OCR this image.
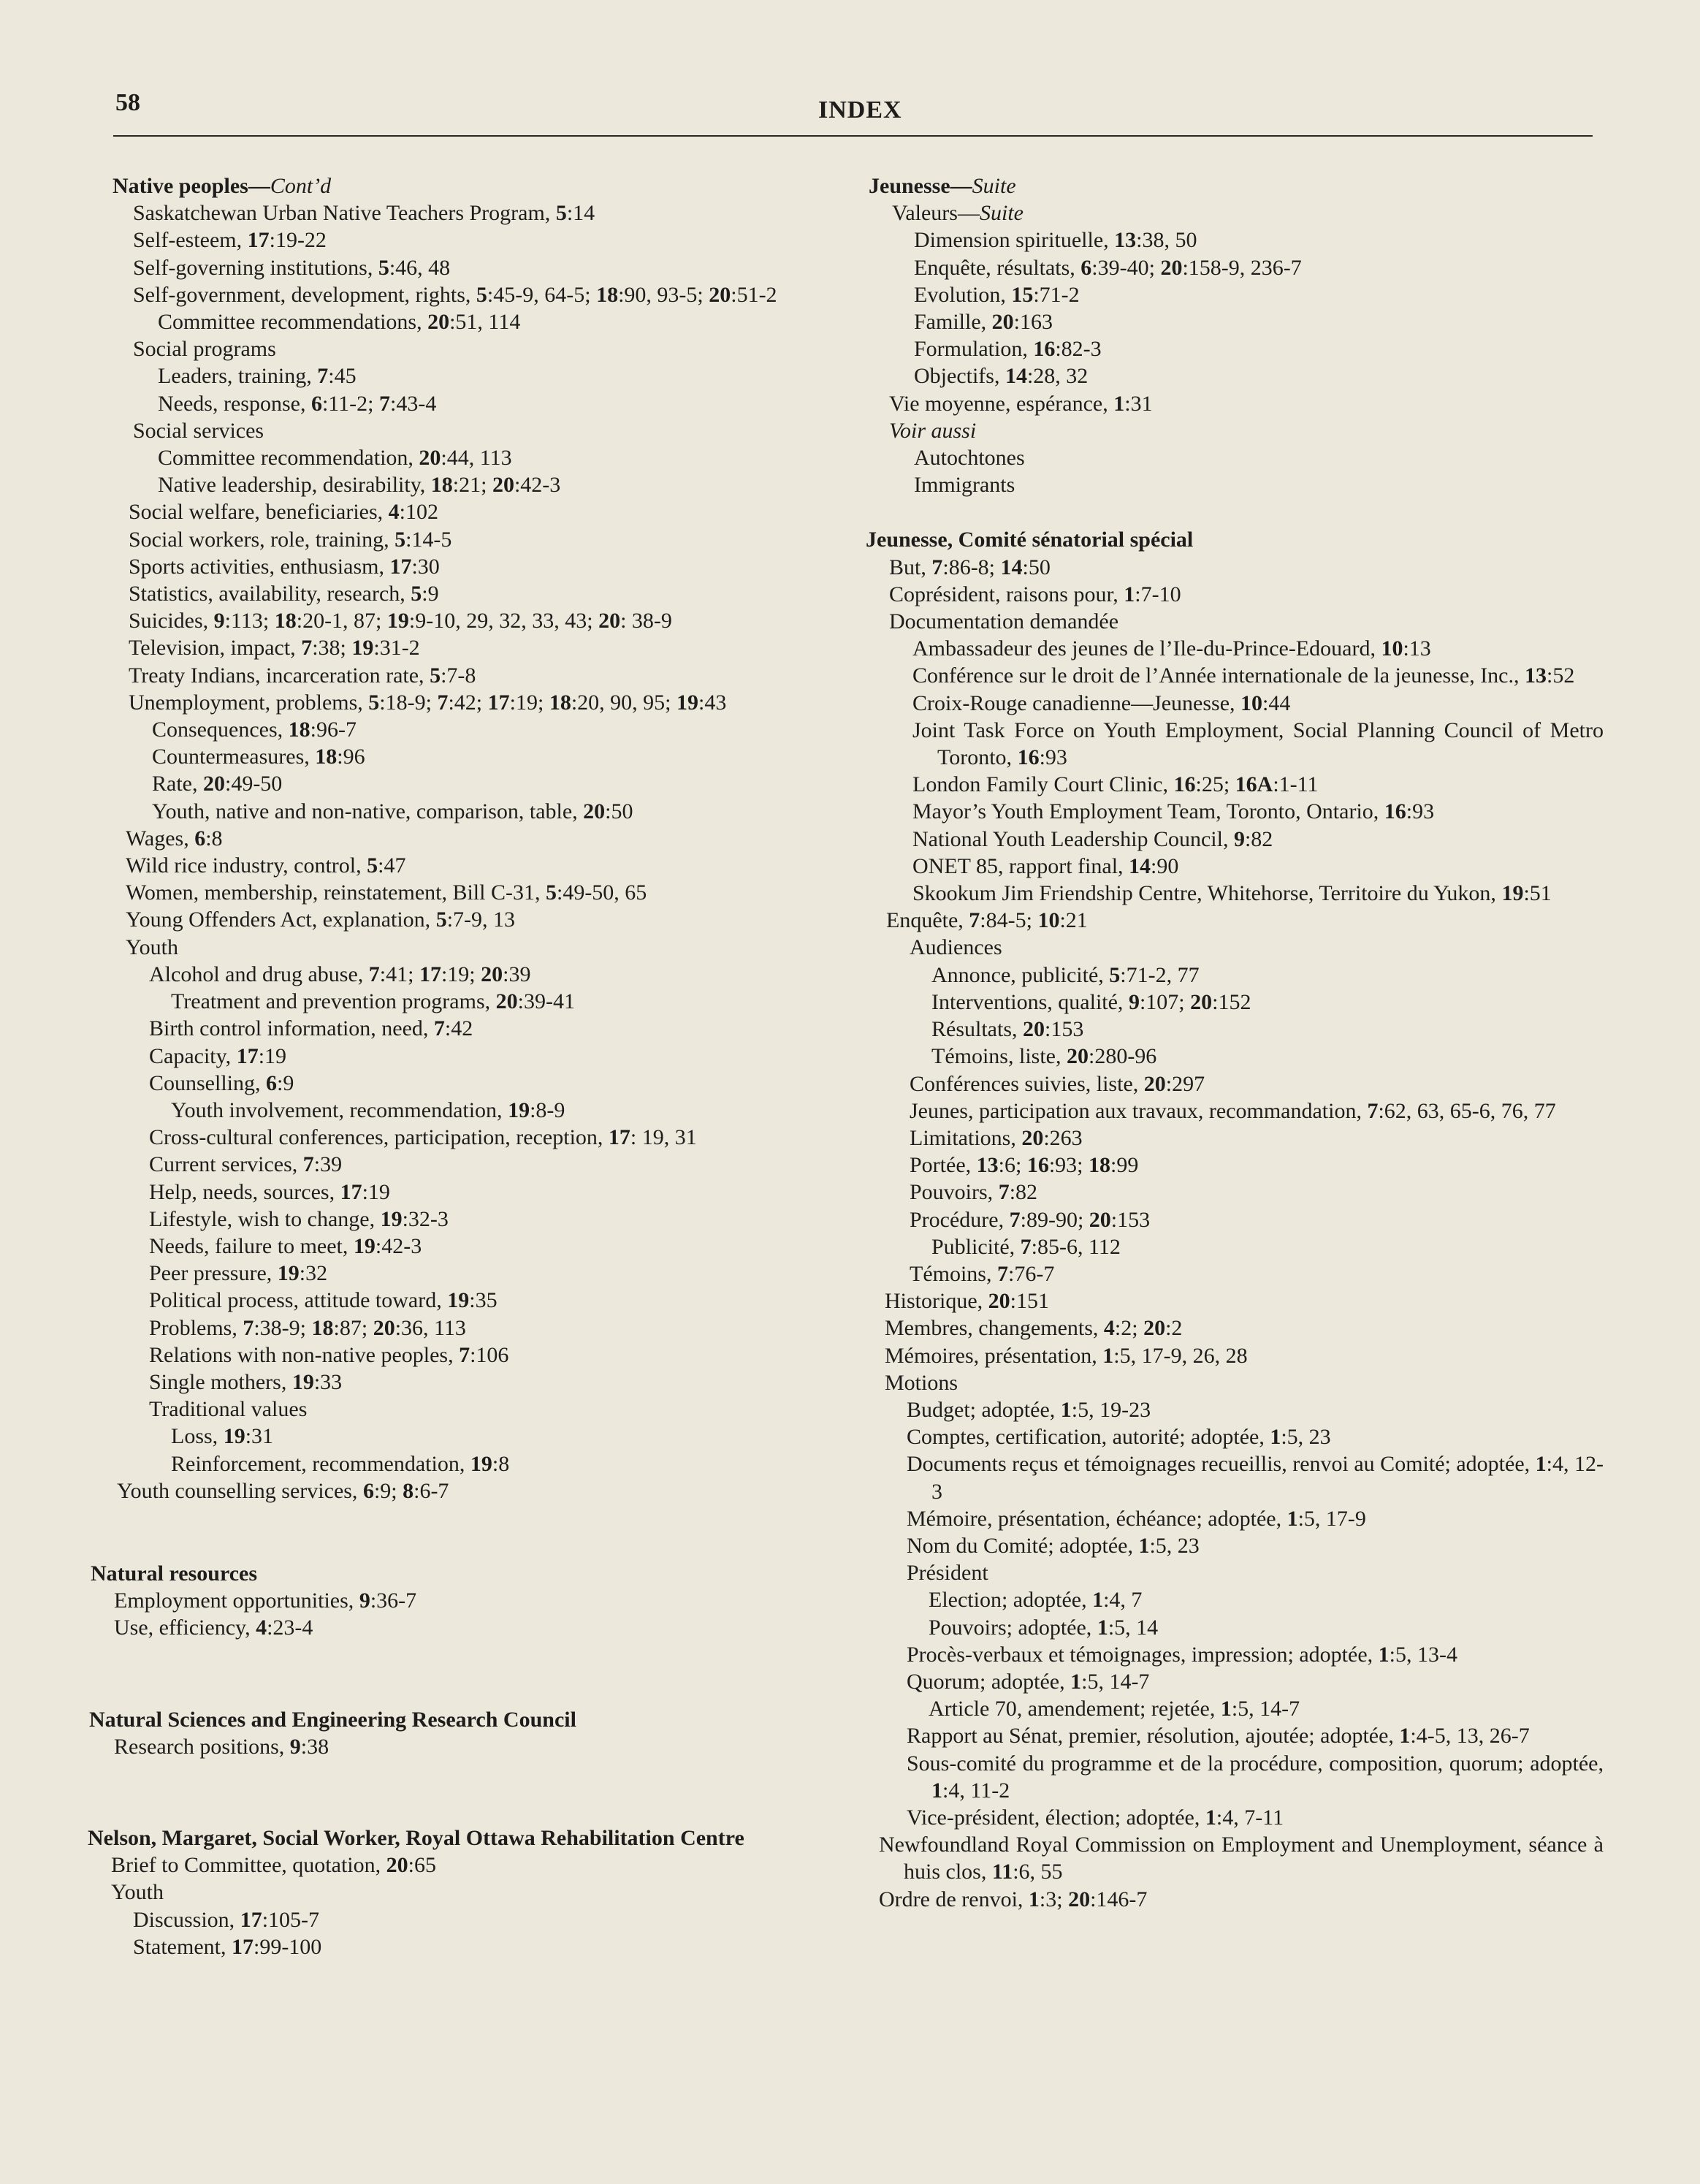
58	INDEX
Native peoples—Cont’d
Saskatchewan Urban Native Teachers Program, 5:14
Self-esteem, 17:19-22
Self-governing institutions, 5:46, 48
Self-government, development, rights, 5:45-9, 64-5; 18:90, 93-5; 20:51-2
Committee recommendations, 20:51, 114
Social programs
Leaders, training, 7:45
Needs, response, 6:11-2; 7:43-4
Social services
Committee recommendation, 20:44, 113
Native leadership, desirability, 18:21; 20:42-3
Social welfare, beneficiaries, 4:102
Social workers, role, training, 5:14-5
Sports activities, enthusiasm, 17:30
Statistics, availability, research, 5:9
Suicides, 9:113; 18:20-1, 87; 19:9-10, 29, 32, 33, 43; 20: 38-9
Television, impact, 7:38; 19:31-2
Treaty Indians, incarceration rate, 5:7-8
Unemployment, problems, 5:18-9; 7:42; 17:19; 18:20, 90, 95; 19:43
Consequences, 18:96-7
Countermeasures, 18:96
Rate, 20:49-50
Youth, native and non-native, comparison, table, 20:50
Wages, 6:8
Wild rice industry, control, 5:47
Women, membership, reinstatement, Bill C-31, 5:49-50, 65
Young Offenders Act, explanation, 5:7-9, 13
Youth
Alcohol and drug abuse, 7:41; 17:19; 20:39
Treatment and prevention programs, 20:39-41
Birth control information, need, 7:42
Capacity, 17:19
Counselling, 6:9
Youth involvement, recommendation, 19:8-9
Cross-cultural conferences, participation, reception, 17: 19, 31
Current services, 7:39
Help, needs, sources, 17:19
Lifestyle, wish to change, 19:32-3
Needs, failure to meet, 19:42-3
Peer pressure, 19:32
Political process, attitude toward, 19:35
Problems, 7:38-9; 18:87; 20:36, 113
Relations with non-native peoples, 7:106
Single mothers, 19:33
Traditional values
Loss, 19:31
Reinforcement, recommendation, 19:8
Youth counselling services, 6:9; 8:6-7
Natural resources
Employment opportunities, 9:36-7
Use, efficiency, 4:23-4
Natural Sciences and Engineering Research Council
Research positions, 9:38
Nelson, Margaret, Social Worker, Royal Ottawa Rehabilitation Centre
Brief to Committee, quotation, 20:65
Youth
Discussion, 17:105-7
Statement, 17:99-100
Jeunesse—Suite
Valeurs—Suite
Dimension spirituelle, 13:38, 50
Enquête, résultats, 6:39-40; 20:158-9, 236-7
Evolution, 15:71-2
Famille, 20:163
Formulation, 16:82-3
Objectifs, 14:28, 32
Vie moyenne, espérance, 1:31
Voir aussi
Autochtones
Immigrants
Jeunesse, Comité sénatorial spécial
But, 7:86-8; 14:50
Coprésident, raisons pour, 1:7-10
Documentation demandée
Ambassadeur des jeunes de l’Ile-du-Prince-Edouard, 10:13
Conférence sur le droit de l’Année internationale de la jeunesse, Inc., 13:52
Croix-Rouge canadienne—Jeunesse, 10:44
Joint Task Force on Youth Employment, Social Planning Council of Metro Toronto, 16:93
London Family Court Clinic, 16:25; 16A:1-11
Mayor’s Youth Employment Team, Toronto, Ontario, 16:93
National Youth Leadership Council, 9:82
ONET 85, rapport final, 14:90
Skookum Jim Friendship Centre, Whitehorse, Territoire du Yukon, 19:51
Enquête, 7:84-5; 10:21
Audiences
Annonce, publicité, 5:71-2, 77
Interventions, qualité, 9:107; 20:152
Résultats, 20:153
Témoins, liste, 20:280-96
Conférences suivies, liste, 20:297
Jeunes, participation aux travaux, recommandation, 7:62, 63, 65-6, 76, 77
Limitations, 20:263
Portée, 13:6; 16:93; 18:99
Pouvoirs, 7:82
Procédure, 7:89-90; 20:153
Publicité, 7:85-6, 112
Témoins, 7:76-7
Historique, 20:151
Membres, changements, 4:2; 20:2
Mémoires, présentation, 1:5, 17-9, 26, 28
Motions
Budget; adoptée, 1:5, 19-23
Comptes, certification, autorité; adoptée, 1:5, 23
Documents reçus et témoignages recueillis, renvoi au Comité; adoptée, 1:4, 12-3
Mémoire, présentation, échéance; adoptée, 1:5, 17-9
Nom du Comité; adoptée, 1:5, 23
Président
Election; adoptée, 1:4, 7
Pouvoirs; adoptée, 1:5, 14
Procès-verbaux et témoignages, impression; adoptée, 1:5, 13-4
Quorum; adoptée, 1:5, 14-7
Article 70, amendement; rejetée, 1:5, 14-7
Rapport au Sénat, premier, résolution, ajoutée; adoptée, 1:4-5, 13, 26-7
Sous-comité du programme et de la procédure, composition, quorum; adoptée, 1:4, 11-2
Vice-président, élection; adoptée, 1:4, 7-11
Newfoundland Royal Commission on Employment and Unemployment, séance à huis clos, 11:6, 55
Ordre de renvoi, 1:3; 20:146-7
